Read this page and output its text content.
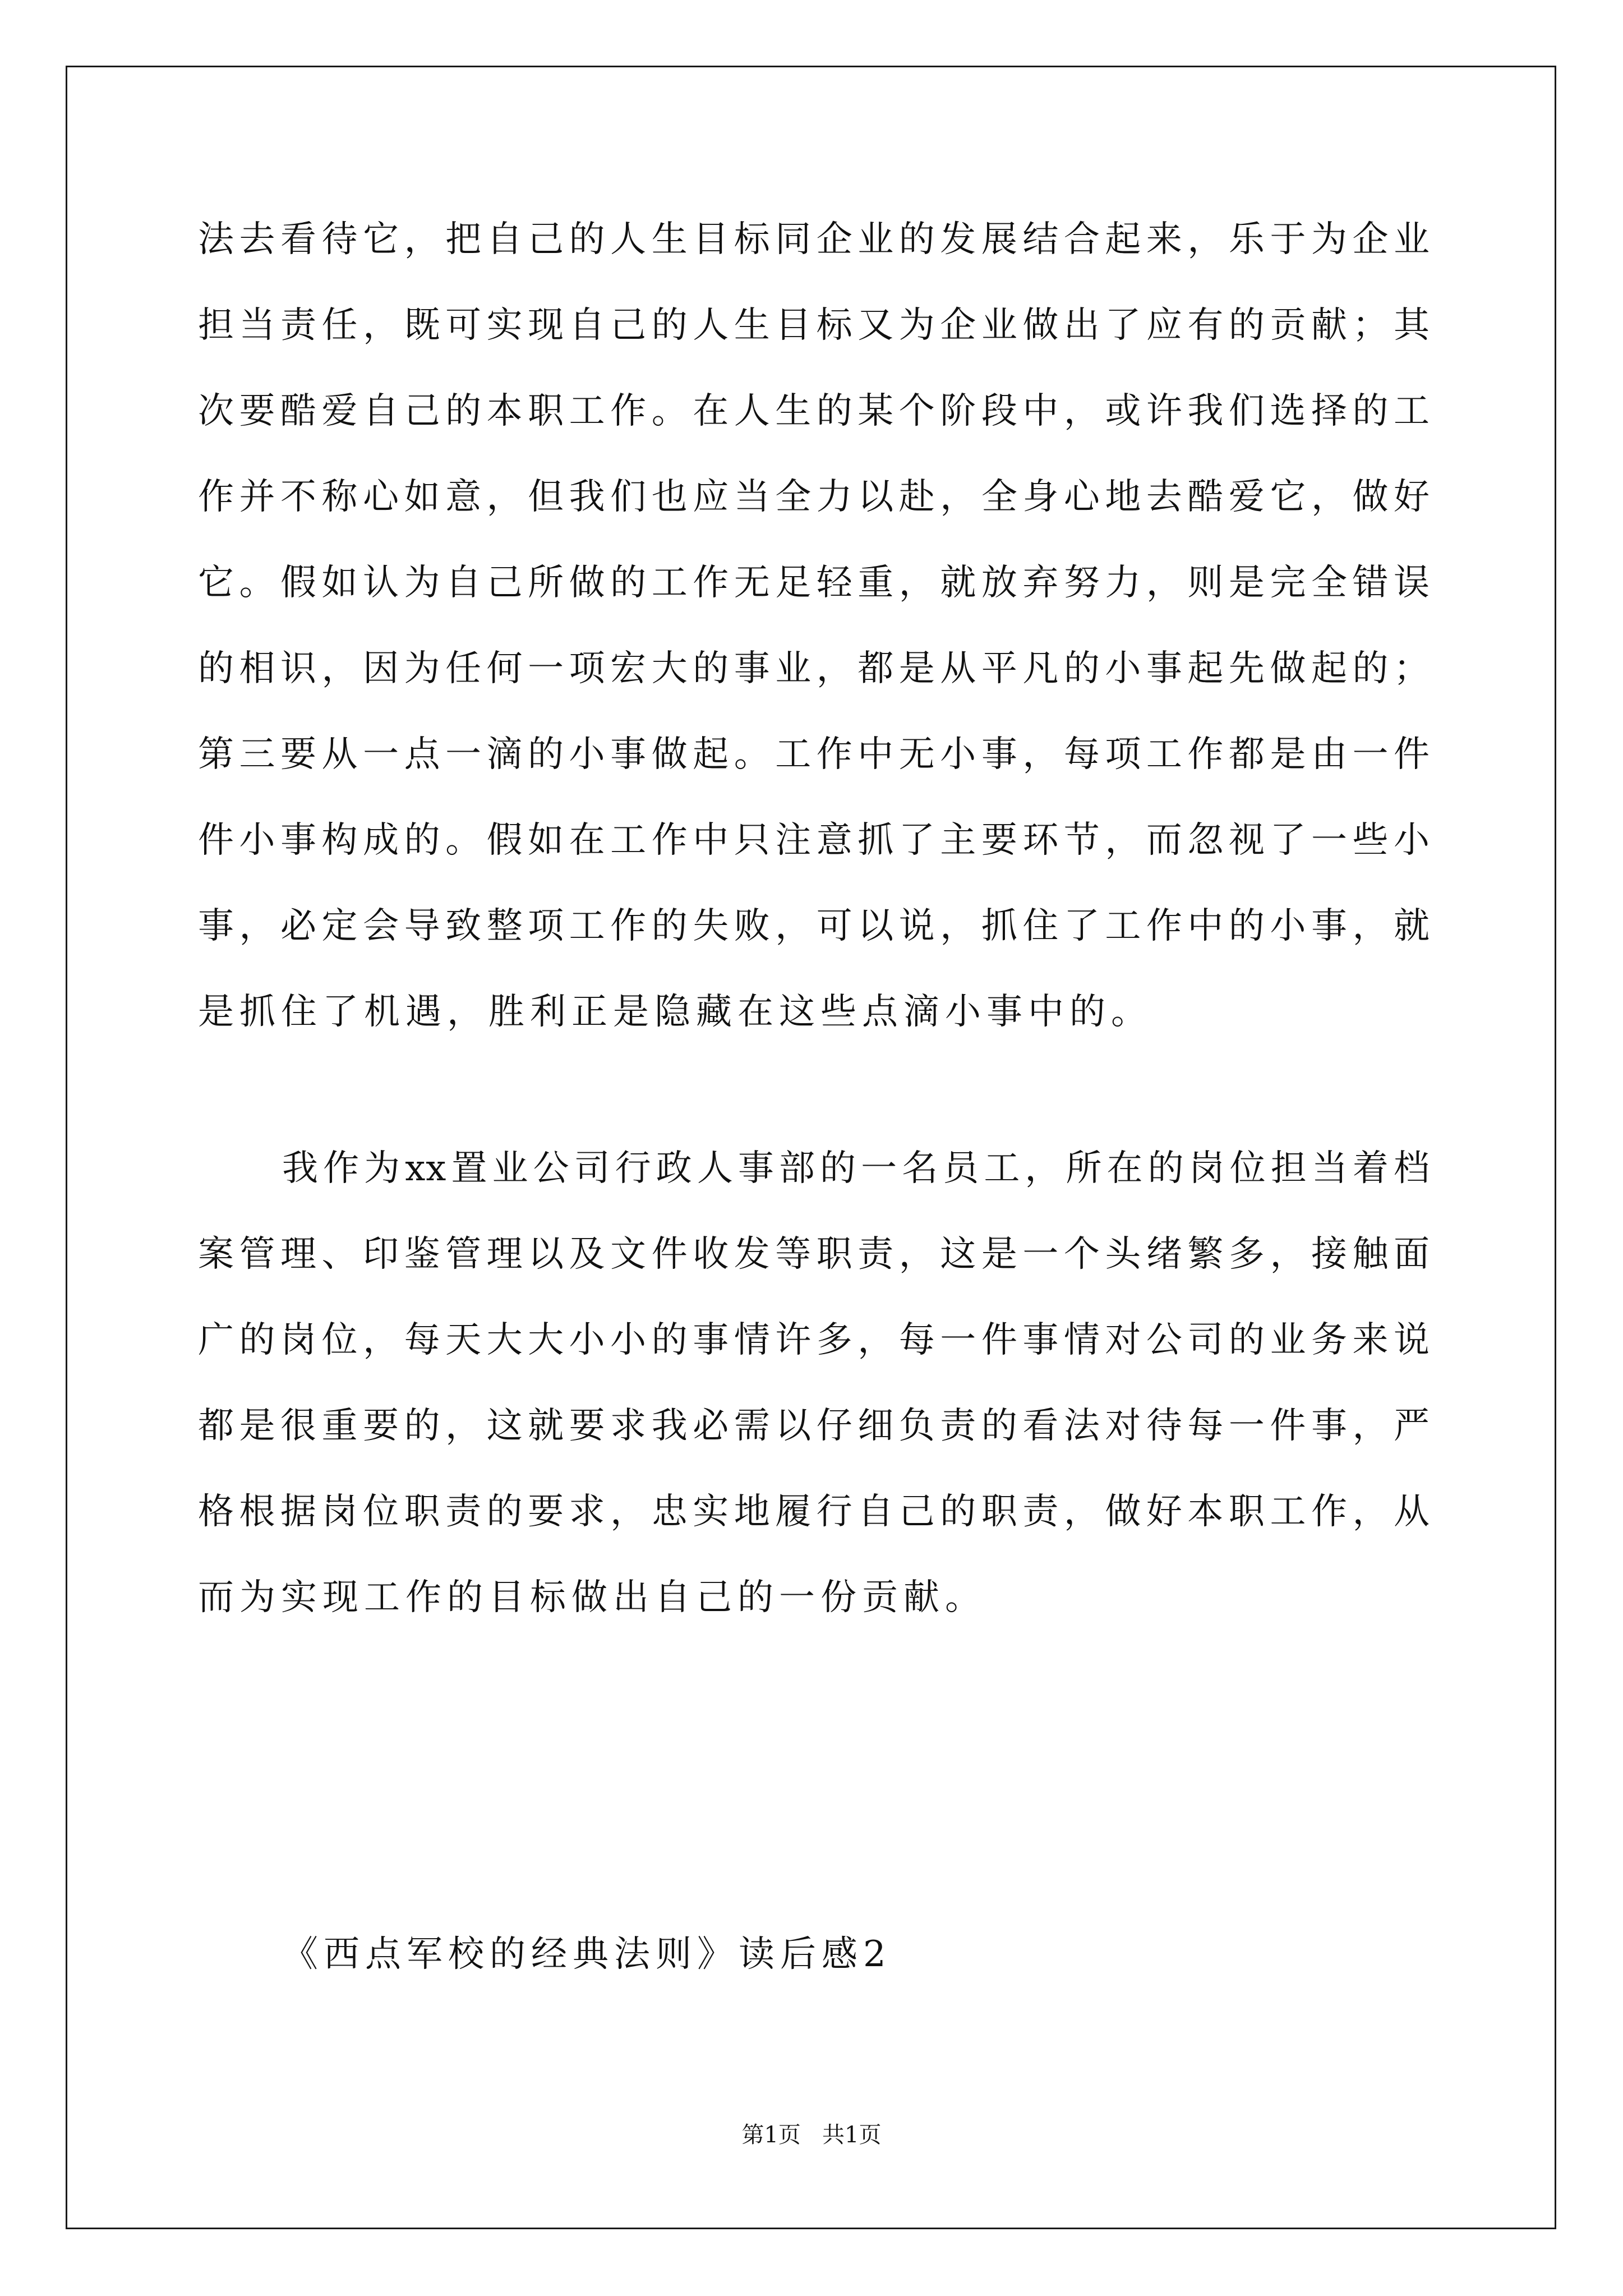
法去看待它，把自己的人生目标同企业的发展结合起来，乐于为企业
担当责任，既可实现自己的人生目标又为企业做出了应有的贡献；其
次要酷爱自己的本职工作。在人生的某个阶段中，或许我们选择的工
作并不称心如意，但我们也应当全力以赴，全身心地去酷爱它，做好
它。假如认为自己所做的工作无足轻重，就放弃努力，则是完全错误
的相识，因为任何一项宏大的事业，都是从平凡的小事起先做起的；
第三要从一点一滴的小事做起。工作中无小事，每项工作都是由一件
件小事构成的。假如在工作中只注意抓了主要环节，而忽视了一些小
事，必定会导致整项工作的失败，可以说，抓住了工作中的小事，就
是抓住了机遇，胜利正是隐藏在这些点滴小事中的。
我作为xx置业公司行政人事部的一名员工，所在的岗位担当着档
案管理、印鉴管理以及文件收发等职责，这是一个头绪繁多，接触面
广的岗位，每天大大小小的事情许多，每一件事情对公司的业务来说
都是很重要的，这就要求我必需以仔细负责的看法对待每一件事，严
格根据岗位职责的要求，忠实地履行自己的职责，做好本职工作，从
而为实现工作的目标做出自己的一份贡献。
《西点军校的经典法则》读后感2
第1页   共1页
